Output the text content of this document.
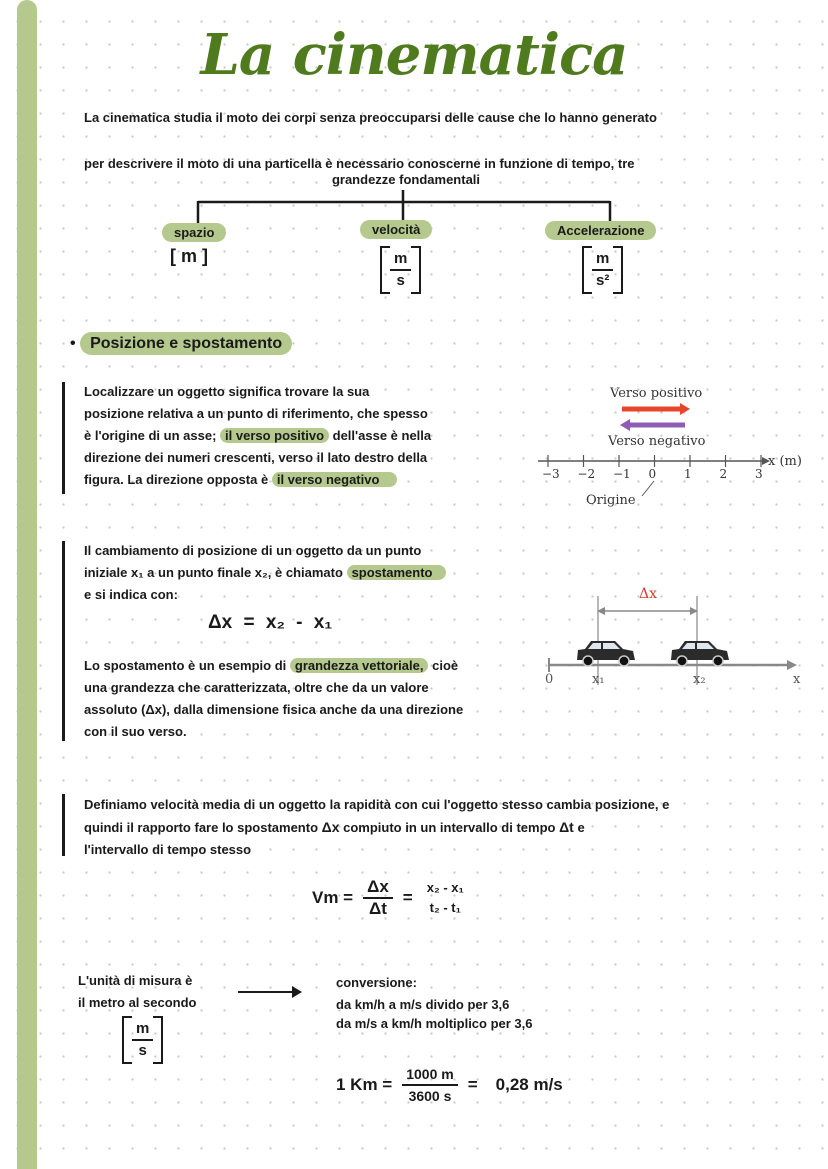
La cinematica
La cinematica studia il moto dei corpi senza preoccuparsi delle cause che lo hanno generato
per descrivere il moto di una particella è necessario conoscerne in funzione di tempo, tre
grandezze fondamentali
spazio
[ m ]
velocità
$\frac{m}{s}$
Accelerazione
$\frac{m}{\text{s²}}$
• Posizione e spostamento
Localizzare un oggetto significa trovare la sua
posizione relativa a un punto di riferimento, che spesso
è l'origine di un asse; il verso positivo dell'asse è nella
direzione dei numeri crescenti, verso il lato destro della
figura. La direzione opposta è il verso negativo
Verso positivo
Verso negativo
x (m)
−3 −2 −1 0 1 2 3
Origine
Il cambiamento di posizione di un oggetto da un punto
iniziale x₁ a un punto finale x₂, è chiamato spostamento
e si indica con:
Δx = x₂ - x₁
Δx
0	x₁	x₂	x
Lo spostamento è un esempio di grandezza vettoriale, cioè
una grandezza che caratterizzata, oltre che da un valore
assoluto (Δx), dalla dimensione fisica anche da una direzione
con il suo verso.
Definiamo velocità media di un oggetto la rapidità con cui l'oggetto stesso cambia posizione, e
quindi il rapporto fare lo spostamento Δx compiuto in un intervallo di tempo Δt e
l'intervallo di tempo stesso
$Vm = \frac{\Delta x}{\Delta t}$ =
x₂ - x₁
t₂ - t₁
L'unità di misura è
il metro al secondo
$\frac{m}{s}$
conversione:
da km/h a m/s divido per 3,6
da m/s a km/h moltiplico per 3,6
1 $Km = \frac{1000 m}{3600 s} = 0,28$ m/s
